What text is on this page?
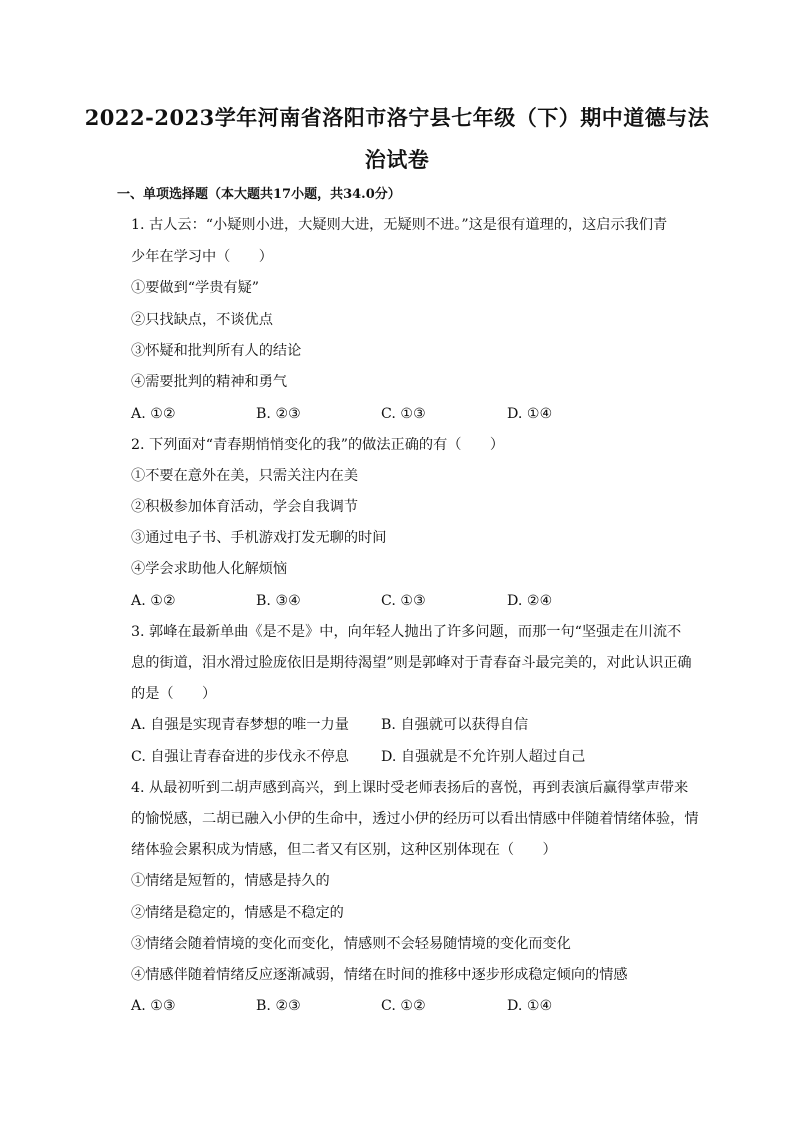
2022-2023学年河南省洛阳市洛宁县七年级（下）期中道德与法
治试卷
一、单项选择题（本大题共17小题，共34.0分）
1. 古人云：“小疑则小进，大疑则大进，无疑则不进。”这是很有道理的，这启示我们青
少年在学习中（　　）
①要做到“学贵有疑”
②只找缺点，不谈优点
③怀疑和批判所有人的结论
④需要批判的精神和勇气
A. ①②	B. ②③	C. ①③	D. ①④
2. 下列面对“青春期悄悄变化的我”的做法正确的有（　　）
①不要在意外在美，只需关注内在美
②积极参加体育活动，学会自我调节
③通过电子书、手机游戏打发无聊的时间
④学会求助他人化解烦恼
A. ①②	B. ③④	C. ①③	D. ②④
3. 郭峰在最新单曲《是不是》中，向年轻人抛出了许多问题，而那一句“坚强走在川流不
息的街道，泪水滑过脸庞依旧是期待渴望”则是郭峰对于青春奋斗最完美的，对此认识正确
的是（　　）
A. 自强是实现青春梦想的唯一力量 B. 自强就可以获得自信
C. 自强让青春奋进的步伐永不停息 D. 自强就是不允许别人超过自己
4. 从最初听到二胡声感到高兴，到上课时受老师表扬后的喜悦，再到表演后赢得掌声带来
的愉悦感，二胡已融入小伊的生命中，透过小伊的经历可以看出情感中伴随着情绪体验，情
绪体验会累积成为情感，但二者又有区别，这种区别体现在（　　）
①情绪是短暂的，情感是持久的
②情绪是稳定的，情感是不稳定的
③情绪会随着情境的变化而变化，情感则不会轻易随情境的变化而变化
④情感伴随着情绪反应逐渐减弱，情绪在时间的推移中逐步形成稳定倾向的情感
A. ①③	B. ②③	C. ①②	D. ①④
